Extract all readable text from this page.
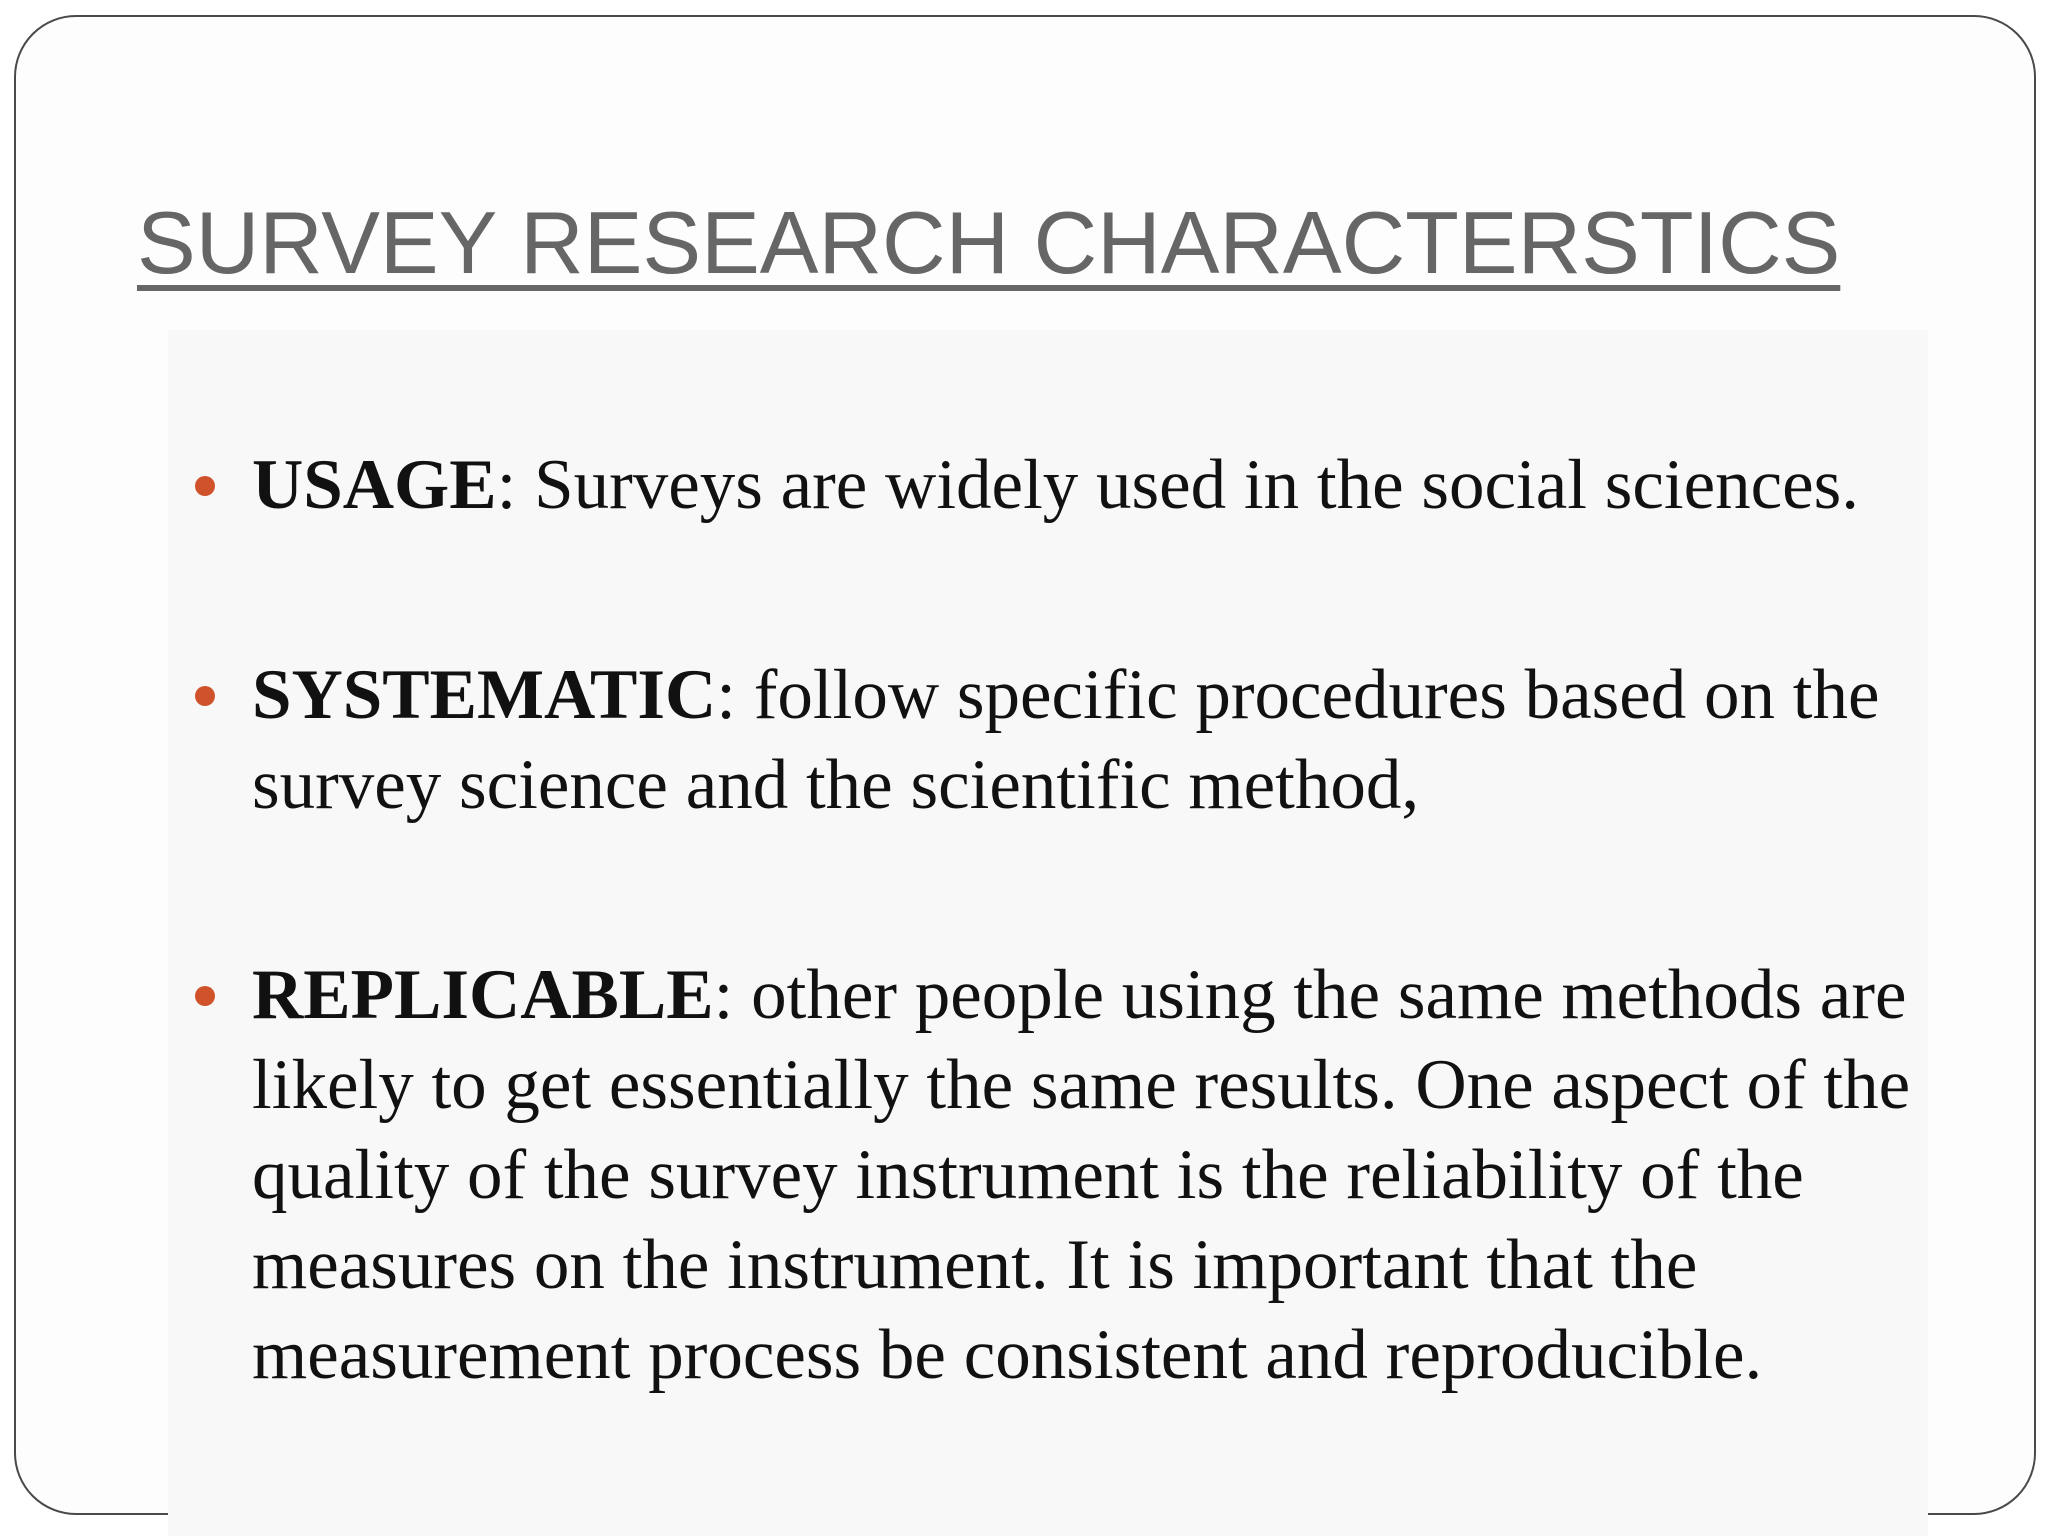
SURVEY RESEARCH CHARACTERSTICS
USAGE: Surveys are widely used in the social sciences.
SYSTEMATIC: follow specific procedures based on the survey science and the scientific method,
REPLICABLE: other people using the same methods are likely to get essentially the same results. One aspect of the quality of the survey instrument is the reliability of the measures on the instrument. It is important that the measurement process be consistent and reproducible.
